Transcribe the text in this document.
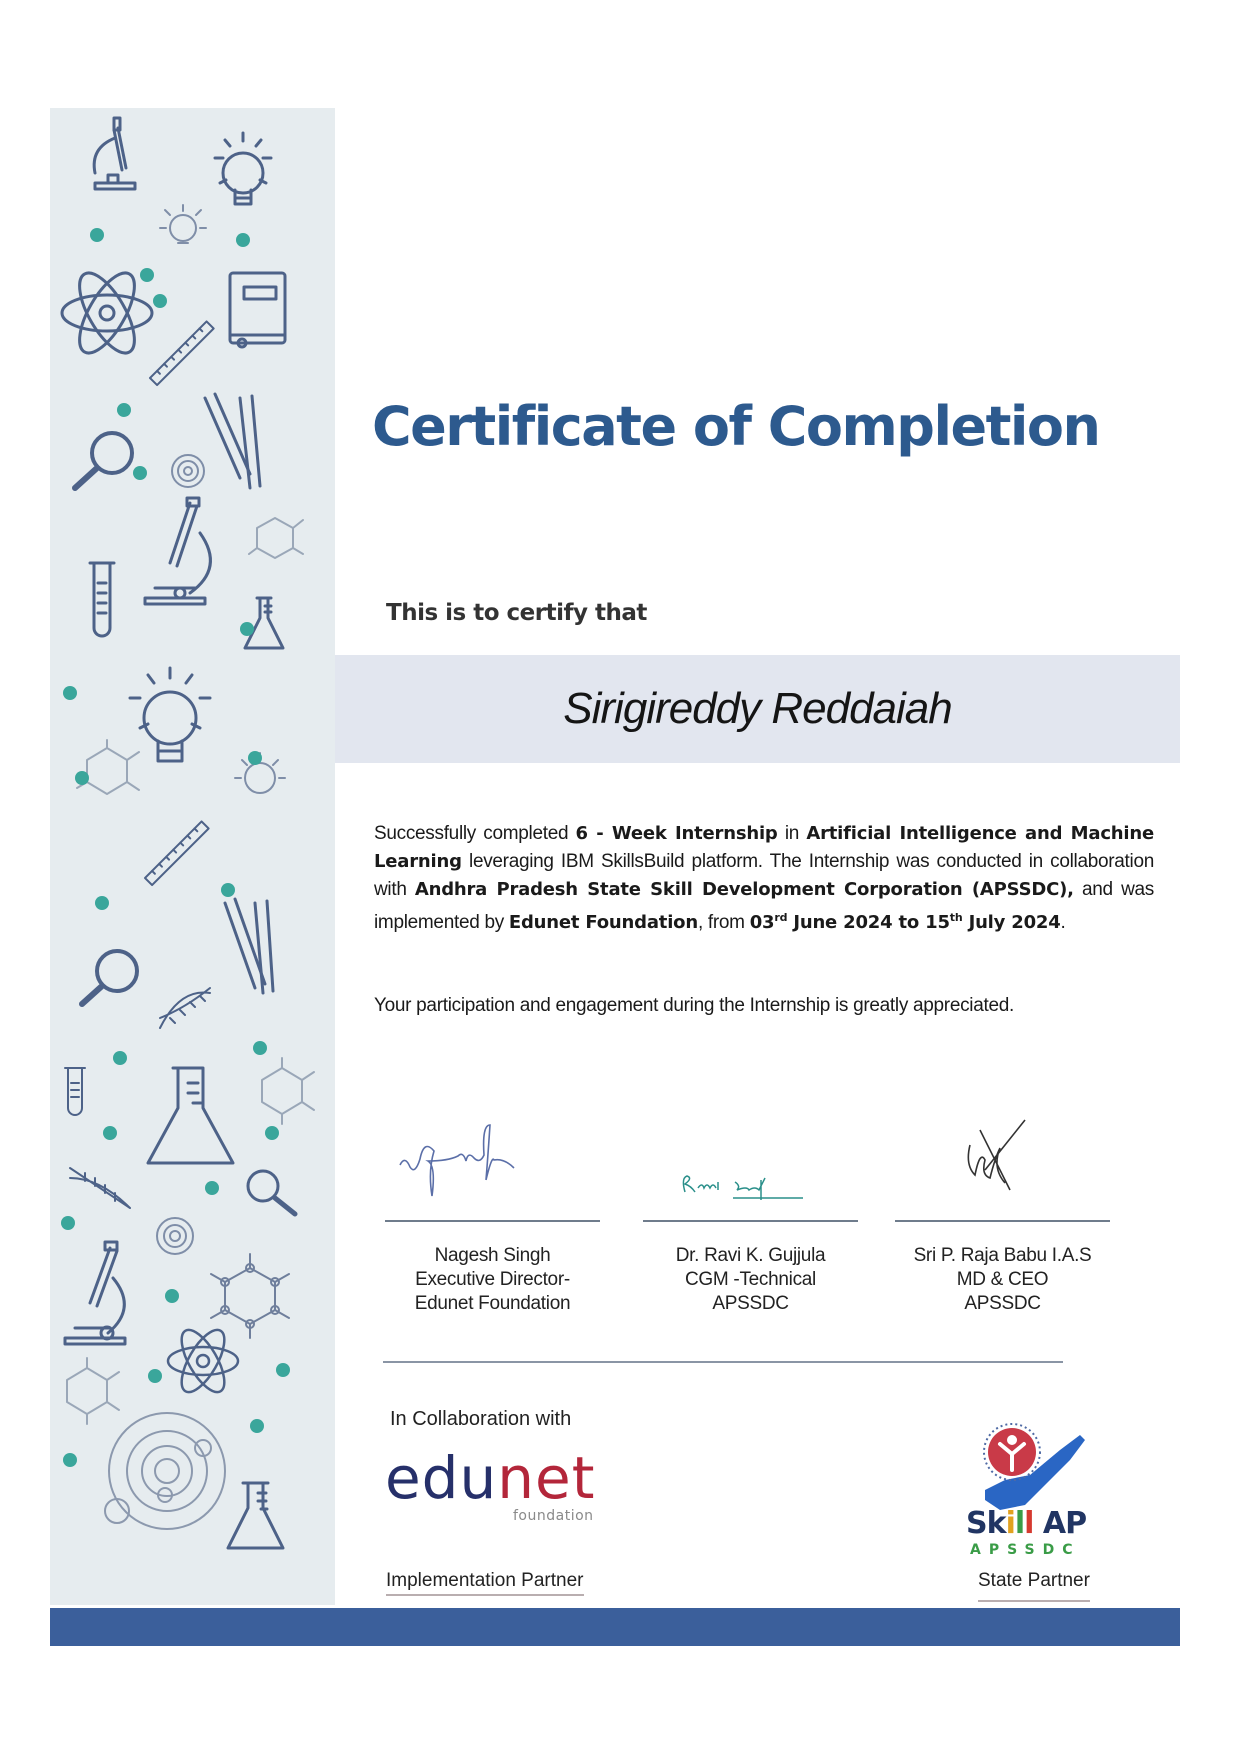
Certificate of Completion
This is to certify that
Sirigireddy Reddaiah
Successfully completed 6 - Week Internship in Artificial Intelligence and Machine Learning leveraging IBM SkillsBuild platform. The Internship was conducted in collaboration with Andhra Pradesh State Skill Development Corporation (APSSDC), and was implemented by Edunet Foundation, from 03rd June 2024 to 15th July 2024.
Your participation and engagement during the Internship is greatly appreciated.
Nagesh Singh
Executive Director-
Edunet Foundation
Dr. Ravi K. Gujjula
CGM -Technical
APSSDC
Sri P. Raja Babu I.A.S
MD & CEO
APSSDC
In Collaboration with
edunet
foundation
Implementation Partner
Skill AP
APSSDC
State Partner
